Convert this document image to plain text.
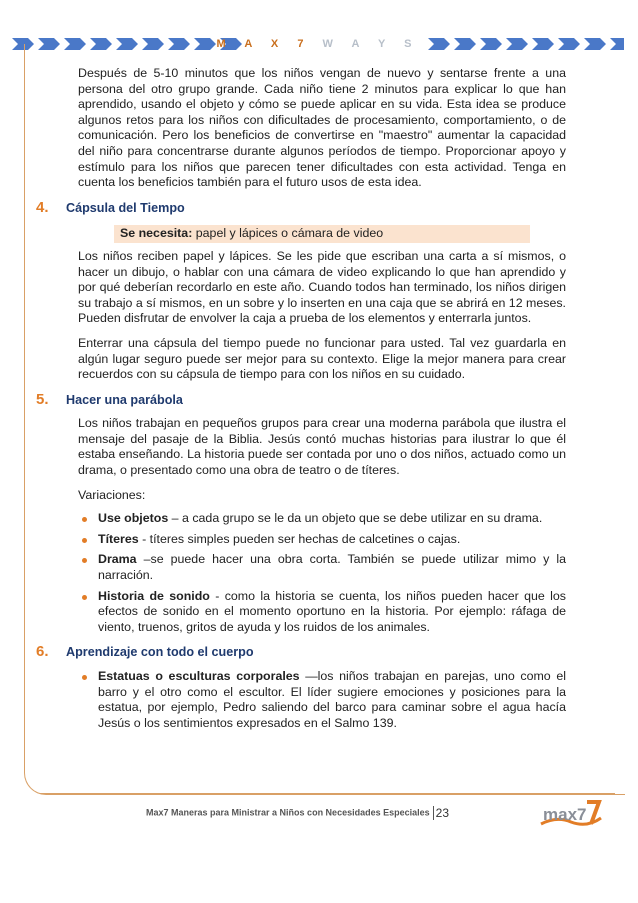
M A X 7 W A Y S

Después de 5-10 minutos que los niños vengan de nuevo y sentarse frente a una persona del otro grupo grande. Cada niño tiene 2 minutos para explicar lo que han aprendido, usando el objeto y cómo se puede aplicar en su vida. Esta idea se produce algunos retos para los niños con dificultades de procesamiento, comportamiento, o de comunicación. Pero los beneficios de convertirse en "maestro" aumentar la capacidad del niño para concentrarse durante algunos períodos de tiempo. Proporcionar apoyo y estímulo para los niños que parecen tener dificultades con esta actividad. Tenga en cuenta los beneficios también para el futuro usos de esta idea.

4.	Cápsula del Tiempo
Se necesita: papel y lápices o cámara de video

Los niños reciben papel y lápices. Se les pide que escriban una carta a sí mismos, o hacer un dibujo, o hablar con una cámara de video explicando lo que han aprendido y por qué deberían recordarlo en este año. Cuando todos han terminado, los niños dirigen su trabajo a sí mismos, en un sobre y lo inserten en una caja que se abrirá en 12 meses. Pueden disfrutar de envolver la caja a prueba de los elementos y enterrarla juntos.

Enterrar una cápsula del tiempo puede no funcionar para usted. Tal vez guardarla en algún lugar seguro puede ser mejor para su contexto. Elige la mejor manera para crear recuerdos con su cápsula de tiempo para con los niños en su cuidado.

5.	Hacer una parábola

Los niños trabajan en pequeños grupos para crear una moderna parábola que ilustra el mensaje del pasaje de la Biblia. Jesús contó muchas historias para ilustrar lo que él estaba enseñando. La historia puede ser contada por uno o dos niños, actuado como un drama, o presentado como una obra de teatro o de títeres.

Variaciones:

Use objetos – a cada grupo se le da un objeto que se debe utilizar en su drama.
Títeres - títeres simples pueden ser hechas de calcetines o cajas.
Drama –se puede hacer una obra corta. También se puede utilizar mimo y la narración.
Historia de sonido - como la historia se cuenta, los niños pueden hacer que los efectos de sonido en el momento oportuno en la historia. Por ejemplo: ráfaga de viento, truenos, gritos de ayuda y los ruidos de los animales.
6.	Aprendizaje con todo el cuerpo
Estatuas o esculturas corporales —los niños trabajan en parejas, uno como el barro y el otro como el escultor. El líder sugiere emociones y posiciones para la estatua, por ejemplo, Pedro saliendo del barco para caminar sobre el agua hacía Jesús o los sentimientos expresados en el Salmo 139.
Max7 Maneras para Ministrar a Niños con Necesidades Especiales 23	max7
